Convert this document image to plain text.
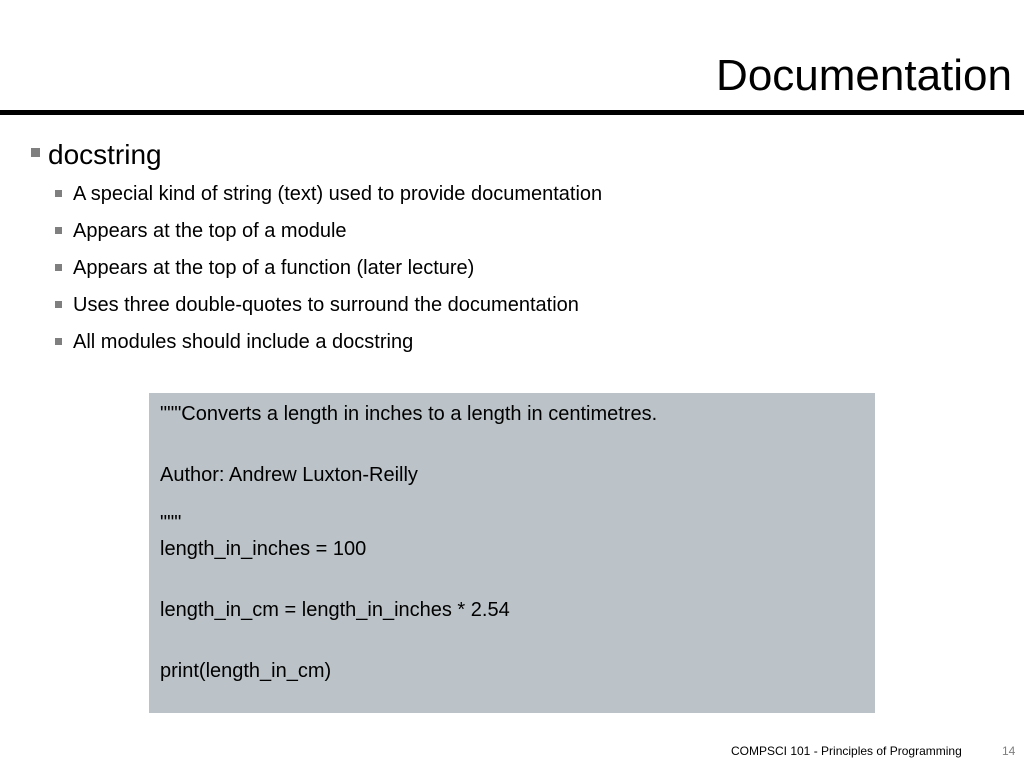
Documentation
docstring
A special kind of string (text) used to provide documentation
Appears at the top of a module
Appears at the top of a function (later lecture)
Uses three double-quotes to surround the documentation
All modules should include a docstring
"""Converts a length in inches to a length in centimetres.
Author: Andrew Luxton-Reilly
"""
length_in_inches = 100
length_in_cm = length_in_inches * 2.54
print(length_in_cm)
COMPSCI 101 - Principles of Programming	14
